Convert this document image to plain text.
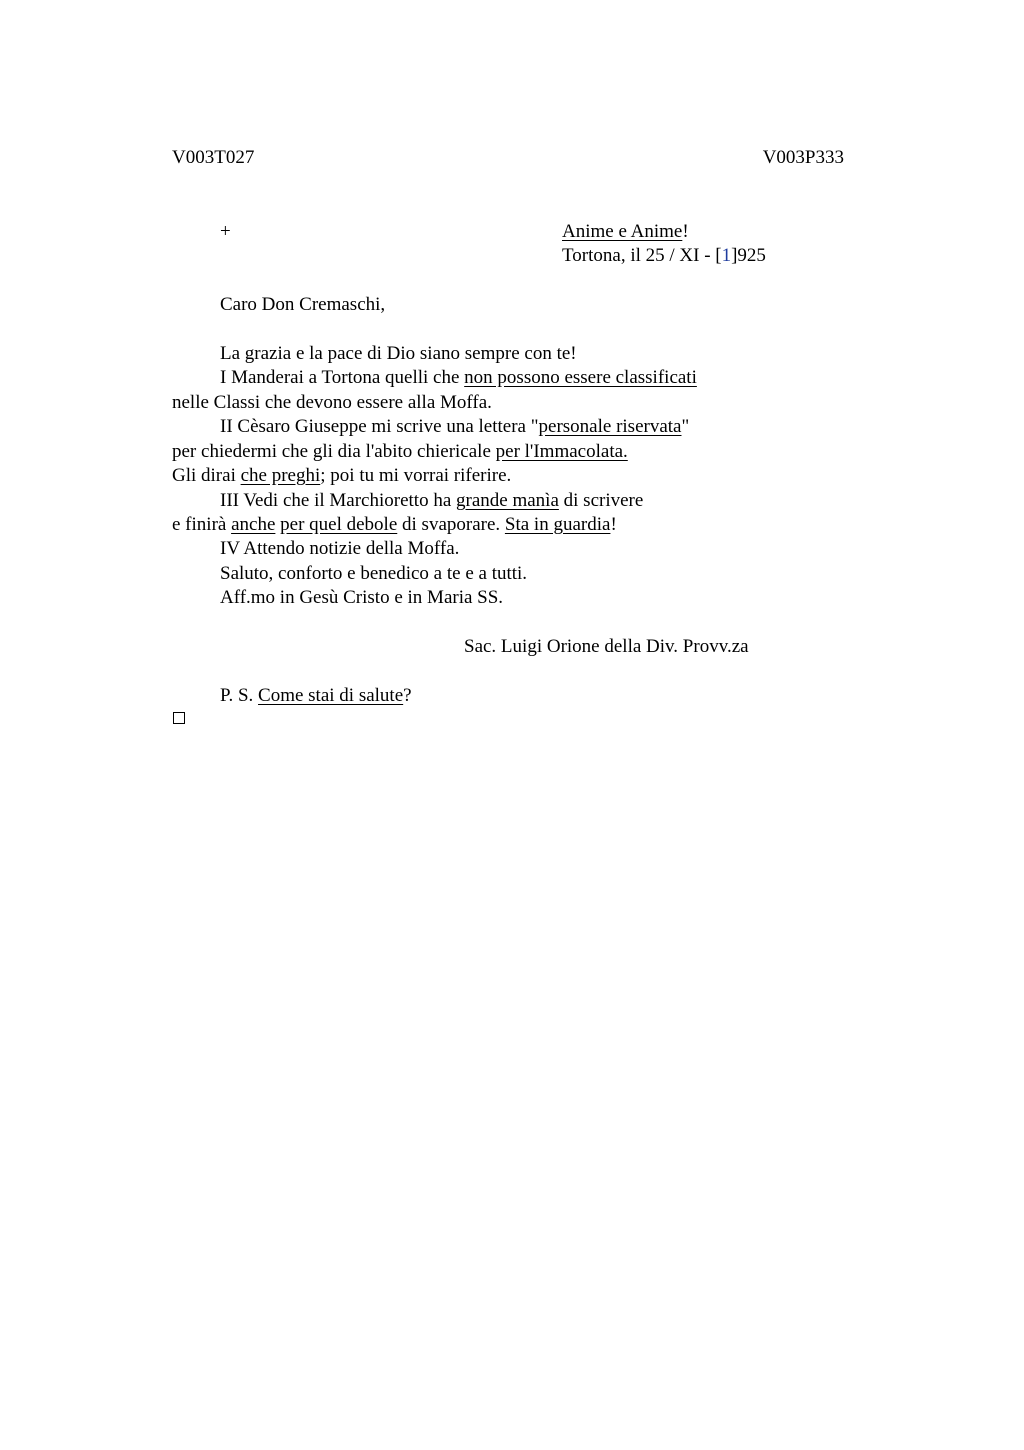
V003T027	V003P333
+	Anime e Anime!
Tortona, il 25 / XI - [1]925
Caro Don Cremaschi,
La grazia e la pace di Dio siano sempre con te!
I Manderai a Tortona quelli che non possono essere classificati
nelle Classi che devono essere alla Moffa.
II Cèsaro Giuseppe mi scrive una lettera "personale riservata"
per chiedermi che gli dia l'abito chiericale per l'Immacolata.
Gli dirai che preghi; poi tu mi vorrai riferire.
III Vedi che il Marchioretto ha grande manìa di scrivere
e finirà anche per quel debole di svaporare. Sta in guardia!
IV Attendo notizie della Moffa.
Saluto, conforto e benedico a te e a tutti.
Aff.mo in Gesù Cristo e in Maria SS.
Sac. Luigi Orione della Div. Provv.za
P. S. Come stai di salute?
